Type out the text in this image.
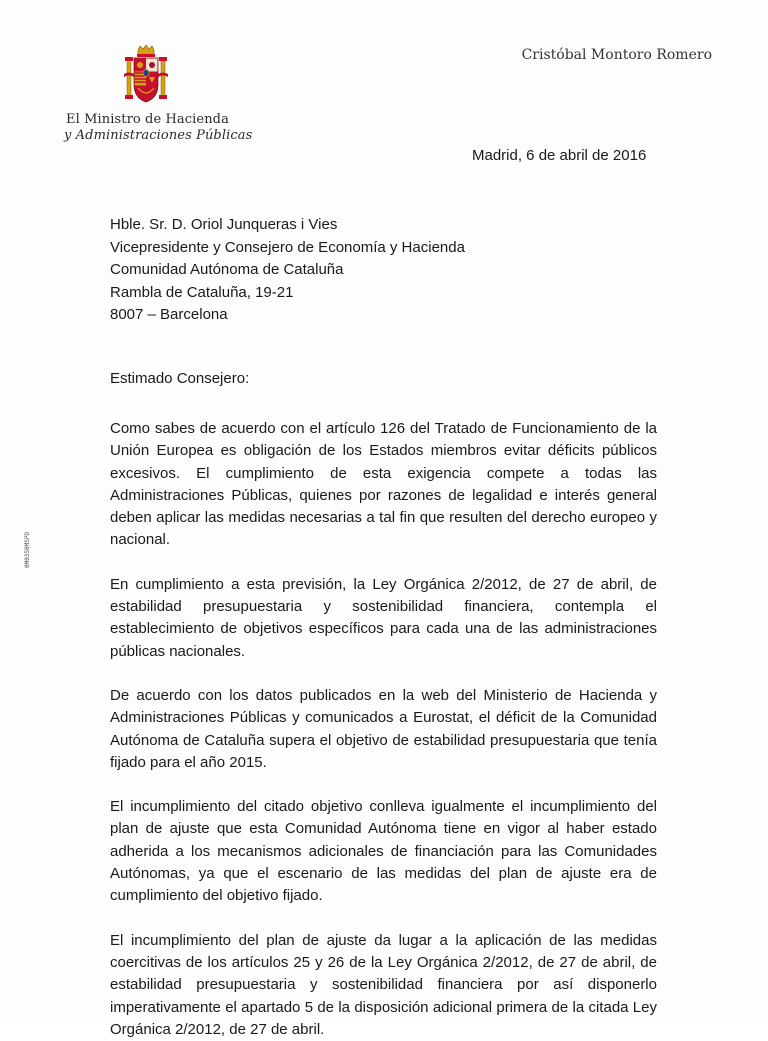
El Ministro de Hacienda
y Administraciones Públicas
Cristóbal Montoro Romero
Madrid, 6 de abril de 2016
Hble. Sr. D. Oriol Junqueras i Vies
Vicepresidente y Consejero de Economía y Hacienda
Comunidad Autónoma de Cataluña
Rambla de Cataluña, 19-21
8007 – Barcelona
Estimado Consejero:

Como sabes de acuerdo con el artículo 126 del Tratado de Funcionamiento de la Unión Europea es obligación de los Estados miembros evitar déficits públicos excesivos. El cumplimiento de esta exigencia compete a todas las Administraciones Públicas, quienes por razones de legalidad e interés general deben aplicar las medidas necesarias a tal fin que resulten del derecho europeo y nacional.

En cumplimiento a esta previsión, la Ley Orgánica 2/2012, de 27 de abril, de estabilidad presupuestaria y sostenibilidad financiera, contempla el establecimiento de objetivos específicos para cada una de las administraciones públicas nacionales.

De acuerdo con los datos publicados en la web del Ministerio de Hacienda y Administraciones Públicas y comunicados a Eurostat, el déficit de la Comunidad Autónoma de Cataluña supera el objetivo de estabilidad presupuestaria que tenía fijado para el año 2015.

El incumplimiento del citado objetivo conlleva igualmente el incumplimiento del plan de ajuste que esta Comunidad Autónoma tiene en vigor al haber estado adherida a los mecanismos adicionales de financiación para las Comunidades Autónomas, ya que el escenario de las medidas del plan de ajuste era de cumplimiento del objetivo fijado.

El incumplimiento del plan de ajuste da lugar a la aplicación de las medidas coercitivas de los artículos 25 y 26 de la Ley Orgánica 2/2012, de 27 de abril, de estabilidad presupuestaria y sostenibilidad financiera por así disponerlo imperativamente el apartado 5 de la disposición adicional primera de la citada Ley Orgánica 2/2012, de 27 de abril.

0M0350MSPD
